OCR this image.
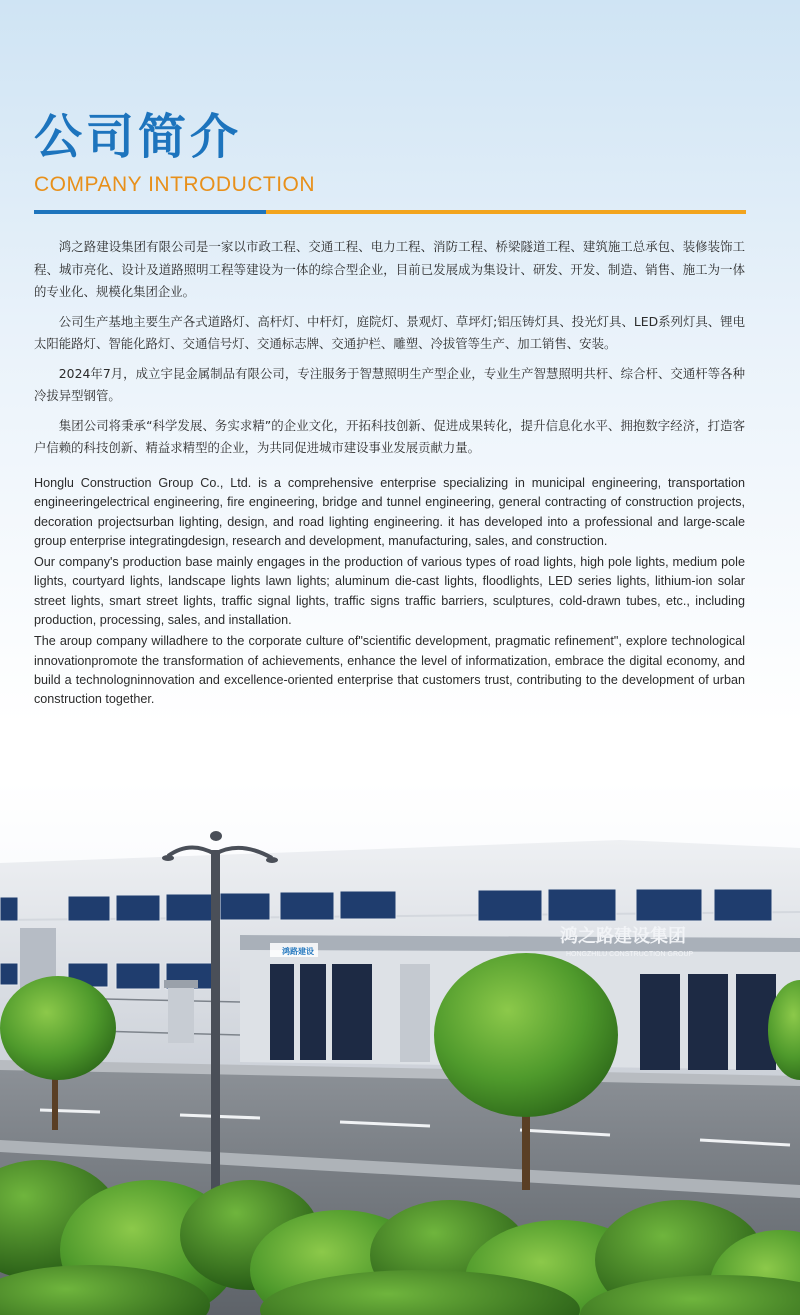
公司简介
COMPANY INTRODUCTION

鸿之路建设集团有限公司是一家以市政工程、交通工程、电力工程、消防工程、桥梁隧道工程、建筑施工总承包、装修装饰工程、城市亮化、设计及道路照明工程等建设为一体的综合型企业，目前已发展成为集设计、研发、开发、制造、销售、施工为一体的专业化、规模化集团企业。

公司生产基地主要生产各式道路灯、高杆灯、中杆灯，庭院灯、景观灯、草坪灯;铝压铸灯具、投光灯具、LED系列灯具、锂电太阳能路灯、智能化路灯、交通信号灯、交通标志牌、交通护栏、雕塑、冷拔管等生产、加工销售、安装。

2024年7月，成立宇昆金属制品有限公司，专注服务于智慧照明生产型企业，专业生产智慧照明共杆、综合杆、交通杆等各种冷拔异型钢管。

集团公司将秉承“科学发展、务实求精”的企业文化，开拓科技创新、促进成果转化，提升信息化水平、拥抱数字经济，打造客户信赖的科技创新、精益求精型的企业，为共同促进城市建设事业发展贡献力量。

Honglu Construction Group Co., Ltd. is a comprehensive enterprise specializing in municipal engineering, transportation engineeringelectrical engineering, fire engineering, bridge and tunnel engineering, general contracting of construction projects, decoration projectsurban lighting, design, and road lighting engineering. it has developed into a professional and large-scale group enterprise integratingdesign, research and development, manufacturing, sales, and construction.

Our company's production base mainly engages in the production of various types of road lights, high pole lights, medium pole lights, courtyard lights, landscape lights lawn lights; aluminum die-cast lights, floodlights, LED series lights, lithium-ion solar street lights, smart street lights, traffic signal lights, traffic signs traffic barriers, sculptures, cold-drawn tubes, etc., including production, processing, sales, and installation.

The aroup company willadhere to the corporate culture of"scientific development, pragmatic refinement", explore technological innovationpromote the transformation of achievements, enhance the level of informatization, embrace the digital economy, and build a technologninnovation and excellence-oriented enterprise that customers trust, contributing to the development of urban construction together.

鸿之路建设集团
HONGZHILU CONSTRUCTION GROUP
鸿路建设
